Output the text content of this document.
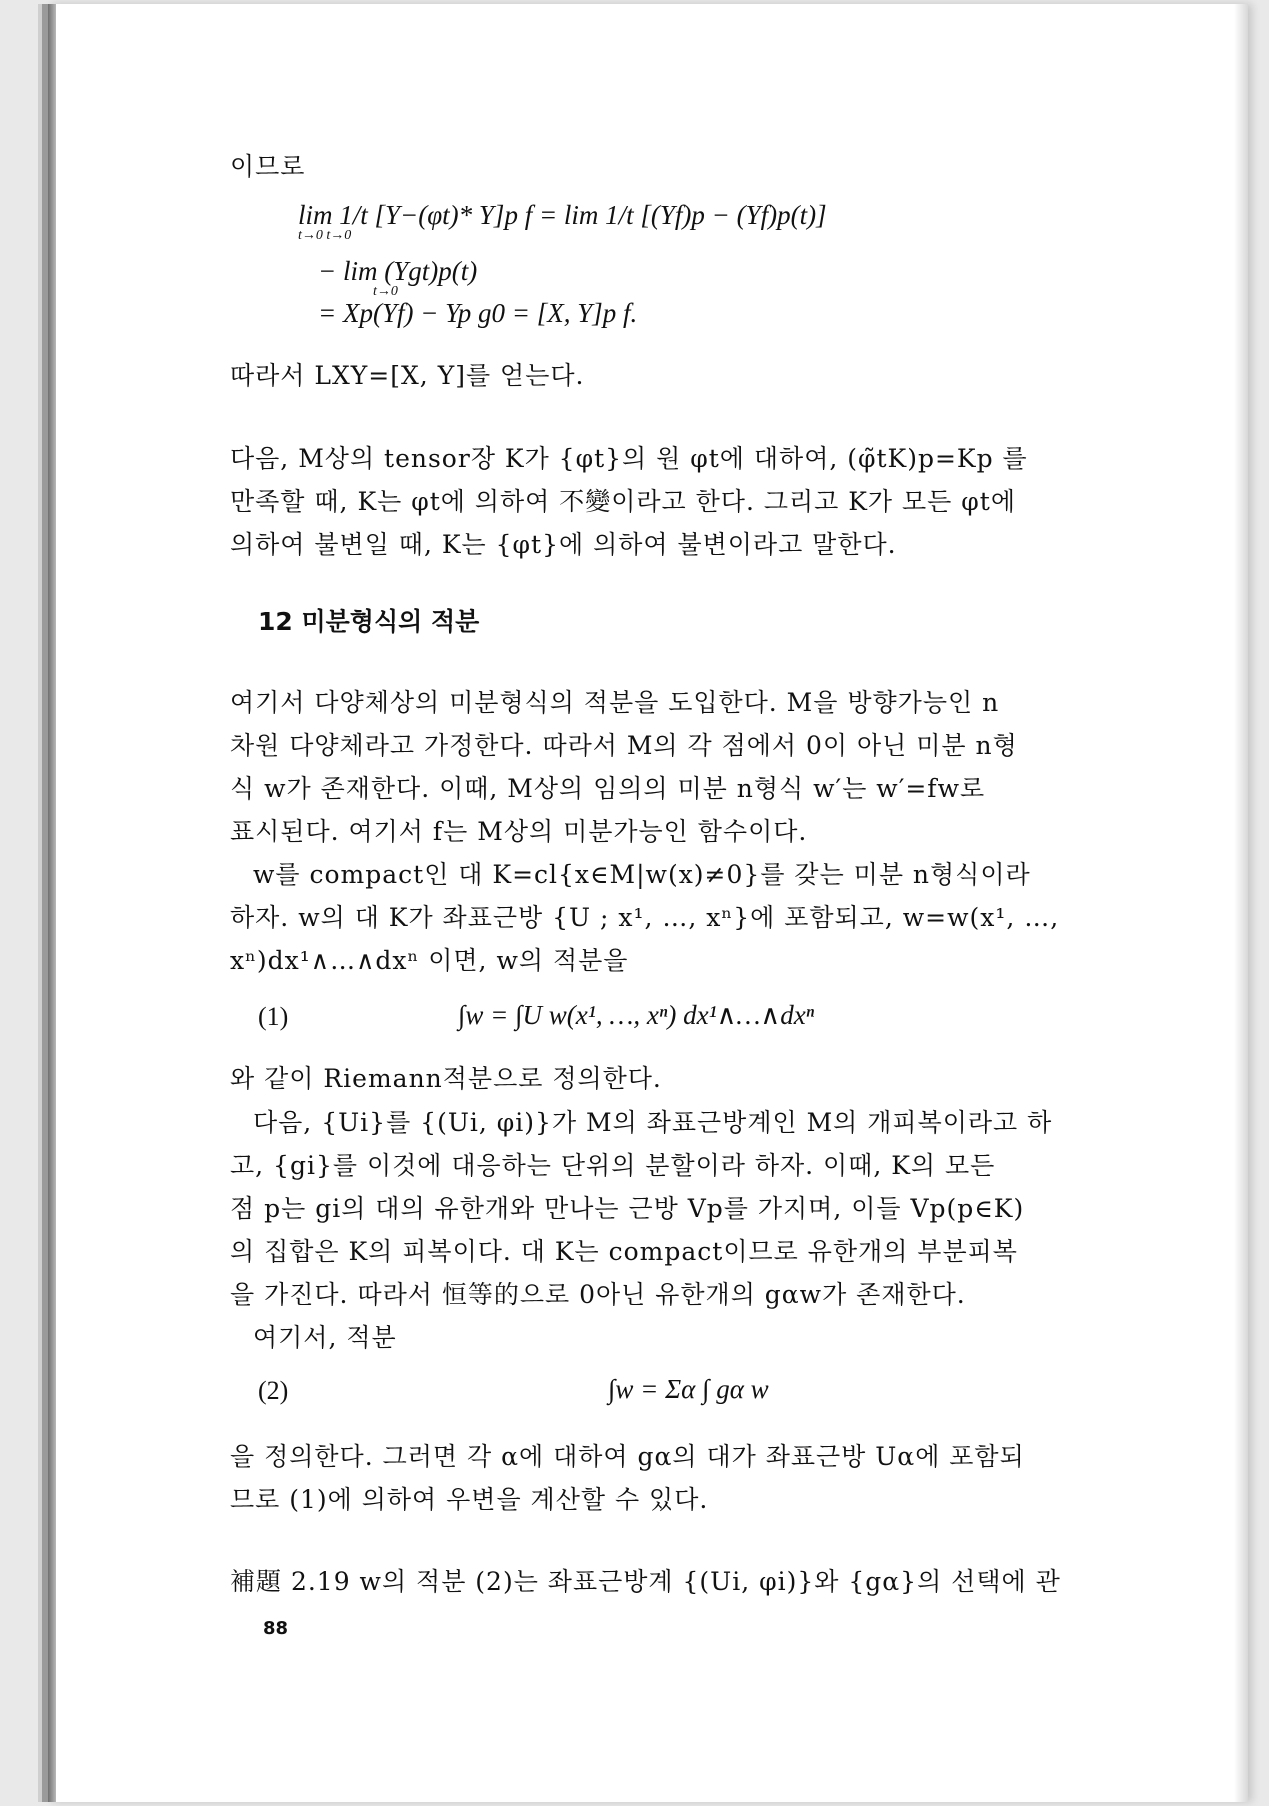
이므로
lim 1/t [Y−(φt)* Y]p f = lim 1/t [(Yf)p − (Yf)p(t)]
t→0 t→0
− lim (Ygt)p(t)
t→0
= Xp(Yf) − Yp g0 = [X, Y]p f.
따라서 LXY=[X, Y]를 얻는다.
다음, M상의 tensor장 K가 {φt}의 원 φt에 대하여, (φ̃tK)p=Kp 를
만족할 때, K는 φt에 의하여 不變이라고 한다. 그리고 K가 모든 φt에
의하여 불변일 때, K는 {φt}에 의하여 불변이라고 말한다.
12 미분형식의 적분
여기서 다양체상의 미분형식의 적분을 도입한다. M을 방향가능인 n
차원 다양체라고 가정한다. 따라서 M의 각 점에서 0이 아닌 미분 n형
식 w가 존재한다. 이때, M상의 임의의 미분 n형식 w′는 w′=fw로
표시된다. 여기서 f는 M상의 미분가능인 함수이다.
w를 compact인 대 K=cl{x∈M|w(x)≠0}를 갖는 미분 n형식이라
하자. w의 대 K가 좌표근방 {U ; x¹, …, xⁿ}에 포함되고, w=w(x¹, …,
xⁿ)dx¹∧…∧dxⁿ 이면, w의 적분을
(1)	∫w = ∫U w(x¹, …, xⁿ) dx¹∧…∧dxⁿ
와 같이 Riemann적분으로 정의한다.
다음, {Ui}를 {(Ui, φi)}가 M의 좌표근방계인 M의 개피복이라고 하
고, {gi}를 이것에 대응하는 단위의 분할이라 하자. 이때, K의 모든
점 p는 gi의 대의 유한개와 만나는 근방 Vp를 가지며, 이들 Vp(p∈K)
의 집합은 K의 피복이다. 대 K는 compact이므로 유한개의 부분피복
을 가진다. 따라서 恒等的으로 0아닌 유한개의 gαw가 존재한다.
여기서, 적분
(2)	∫w = Σα ∫ gα w
을 정의한다. 그러면 각 α에 대하여 gα의 대가 좌표근방 Uα에 포함되
므로 (1)에 의하여 우변을 계산할 수 있다.
補題 2.19 w의 적분 (2)는 좌표근방계 {(Ui, φi)}와 {gα}의 선택에 관
88
